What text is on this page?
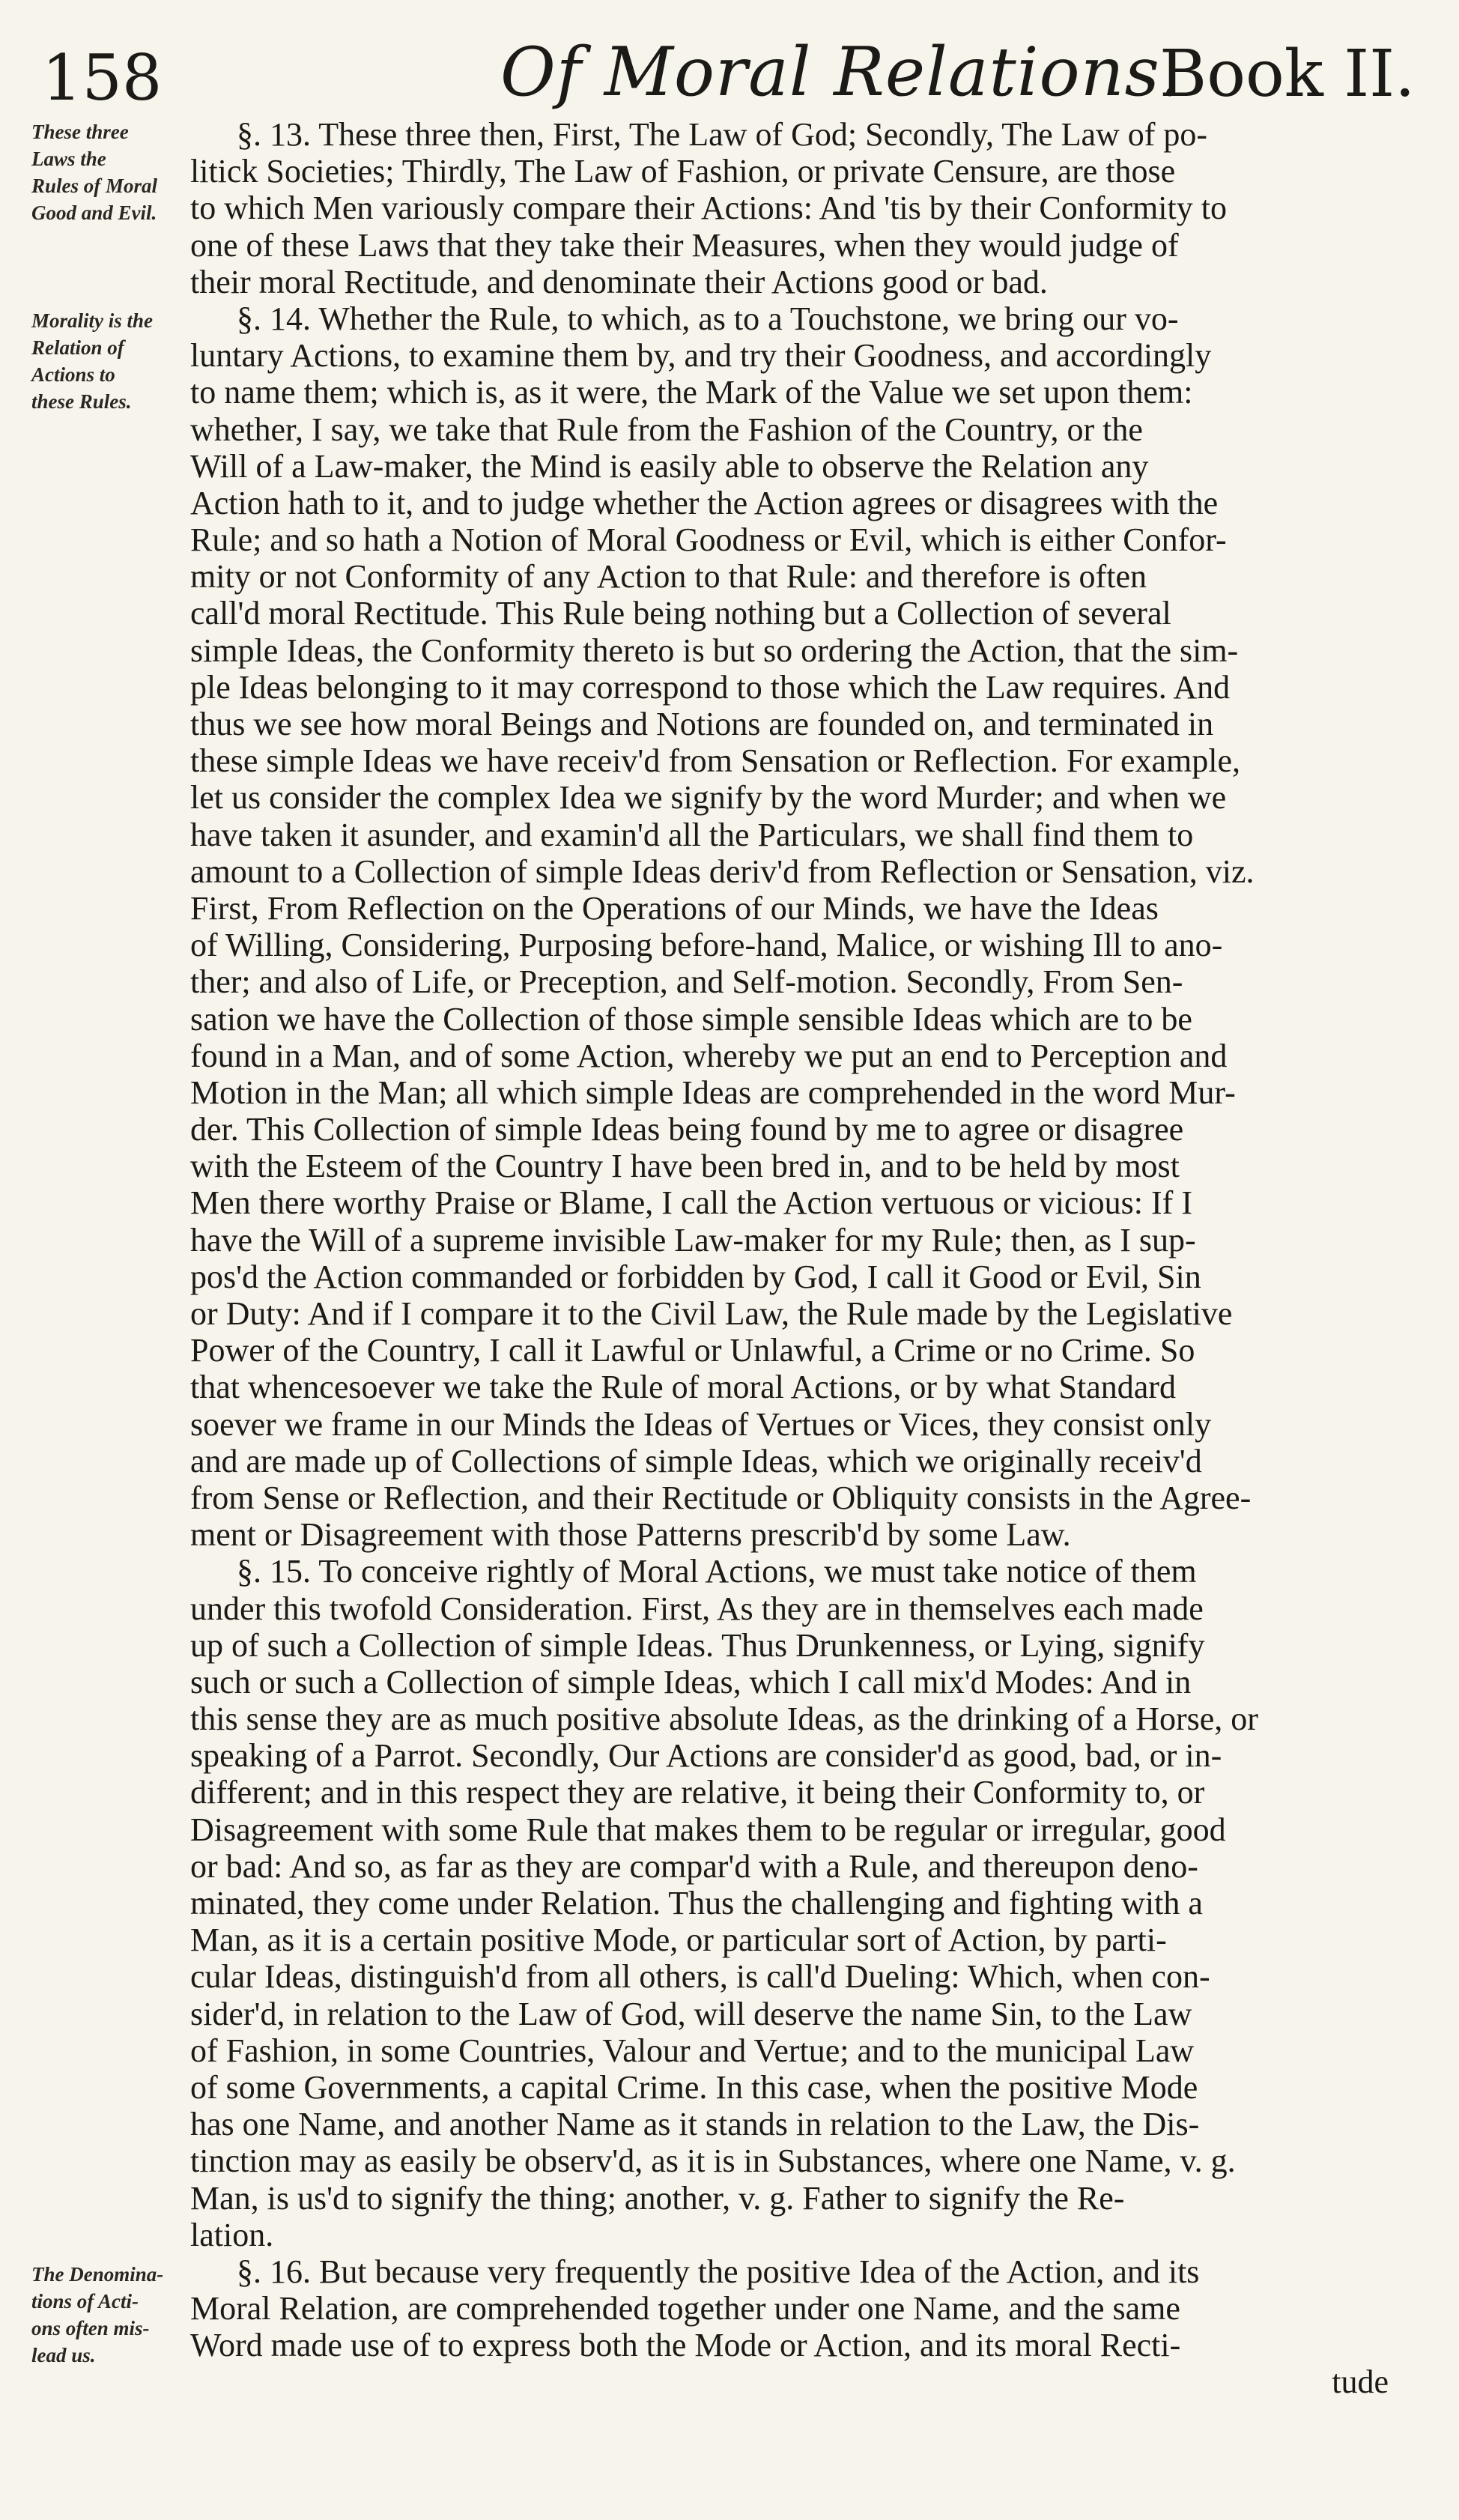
158	Of Moral Relations.
Book II.
These three
Laws the
Rules of Moral
Good and Evil.
Morality is the
Relation of
Actions to
these Rules.
The Denomina-
tions of Acti-
ons often mis-
lead us.
§. 13. These three then, First, The Law of God; Secondly, The Law of po-
litick Societies; Thirdly, The Law of Fashion, or private Censure, are those
to which Men variously compare their Actions: And 'tis by their Conformity to
one of these Laws that they take their Measures, when they would judge of
their moral Rectitude, and denominate their Actions good or bad.
§. 14. Whether the Rule, to which, as to a Touchstone, we bring our vo-
luntary Actions, to examine them by, and try their Goodness, and accordingly
to name them; which is, as it were, the Mark of the Value we set upon them:
whether, I say, we take that Rule from the Fashion of the Country, or the
Will of a Law-maker, the Mind is easily able to observe the Relation any
Action hath to it, and to judge whether the Action agrees or disagrees with the
Rule; and so hath a Notion of Moral Goodness or Evil, which is either Confor-
mity or not Conformity of any Action to that Rule: and therefore is often
call'd moral Rectitude. This Rule being nothing but a Collection of several
simple Ideas, the Conformity thereto is but so ordering the Action, that the sim-
ple Ideas belonging to it may correspond to those which the Law requires. And
thus we see how moral Beings and Notions are founded on, and terminated in
these simple Ideas we have receiv'd from Sensation or Reflection. For example,
let us consider the complex Idea we signify by the word Murder; and when we
have taken it asunder, and examin'd all the Particulars, we shall find them to
amount to a Collection of simple Ideas deriv'd from Reflection or Sensation, viz.
First, From Reflection on the Operations of our Minds, we have the Ideas
of Willing, Considering, Purposing before-hand, Malice, or wishing Ill to ano-
ther; and also of Life, or Preception, and Self-motion. Secondly, From Sen-
sation we have the Collection of those simple sensible Ideas which are to be
found in a Man, and of some Action, whereby we put an end to Perception and
Motion in the Man; all which simple Ideas are comprehended in the word Mur-
der. This Collection of simple Ideas being found by me to agree or disagree
with the Esteem of the Country I have been bred in, and to be held by most
Men there worthy Praise or Blame, I call the Action vertuous or vicious: If I
have the Will of a supreme invisible Law-maker for my Rule; then, as I sup-
pos'd the Action commanded or forbidden by God, I call it Good or Evil, Sin
or Duty: And if I compare it to the Civil Law, the Rule made by the Legislative
Power of the Country, I call it Lawful or Unlawful, a Crime or no Crime. So
that whencesoever we take the Rule of moral Actions, or by what Standard
soever we frame in our Minds the Ideas of Vertues or Vices, they consist only
and are made up of Collections of simple Ideas, which we originally receiv'd
from Sense or Reflection, and their Rectitude or Obliquity consists in the Agree-
ment or Disagreement with those Patterns prescrib'd by some Law.
§. 15. To conceive rightly of Moral Actions, we must take notice of them
under this twofold Consideration. First, As they are in themselves each made
up of such a Collection of simple Ideas. Thus Drunkenness, or Lying, signify
such or such a Collection of simple Ideas, which I call mix'd Modes: And in
this sense they are as much positive absolute Ideas, as the drinking of a Horse, or
speaking of a Parrot. Secondly, Our Actions are consider'd as good, bad, or in-
different; and in this respect they are relative, it being their Conformity to, or
Disagreement with some Rule that makes them to be regular or irregular, good
or bad: And so, as far as they are compar'd with a Rule, and thereupon deno-
minated, they come under Relation. Thus the challenging and fighting with a
Man, as it is a certain positive Mode, or particular sort of Action, by parti-
cular Ideas, distinguish'd from all others, is call'd Dueling: Which, when con-
sider'd, in relation to the Law of God, will deserve the name Sin, to the Law
of Fashion, in some Countries, Valour and Vertue; and to the municipal Law
of some Governments, a capital Crime. In this case, when the positive Mode
has one Name, and another Name as it stands in relation to the Law, the Dis-
tinction may as easily be observ'd, as it is in Substances, where one Name, v. g.
Man, is us'd to signify the thing; another, v. g. Father to signify the Re-
lation.
§. 16. But because very frequently the positive Idea of the Action, and its
Moral Relation, are comprehended together under one Name, and the same
Word made use of to express both the Mode or Action, and its moral Recti-
tude
